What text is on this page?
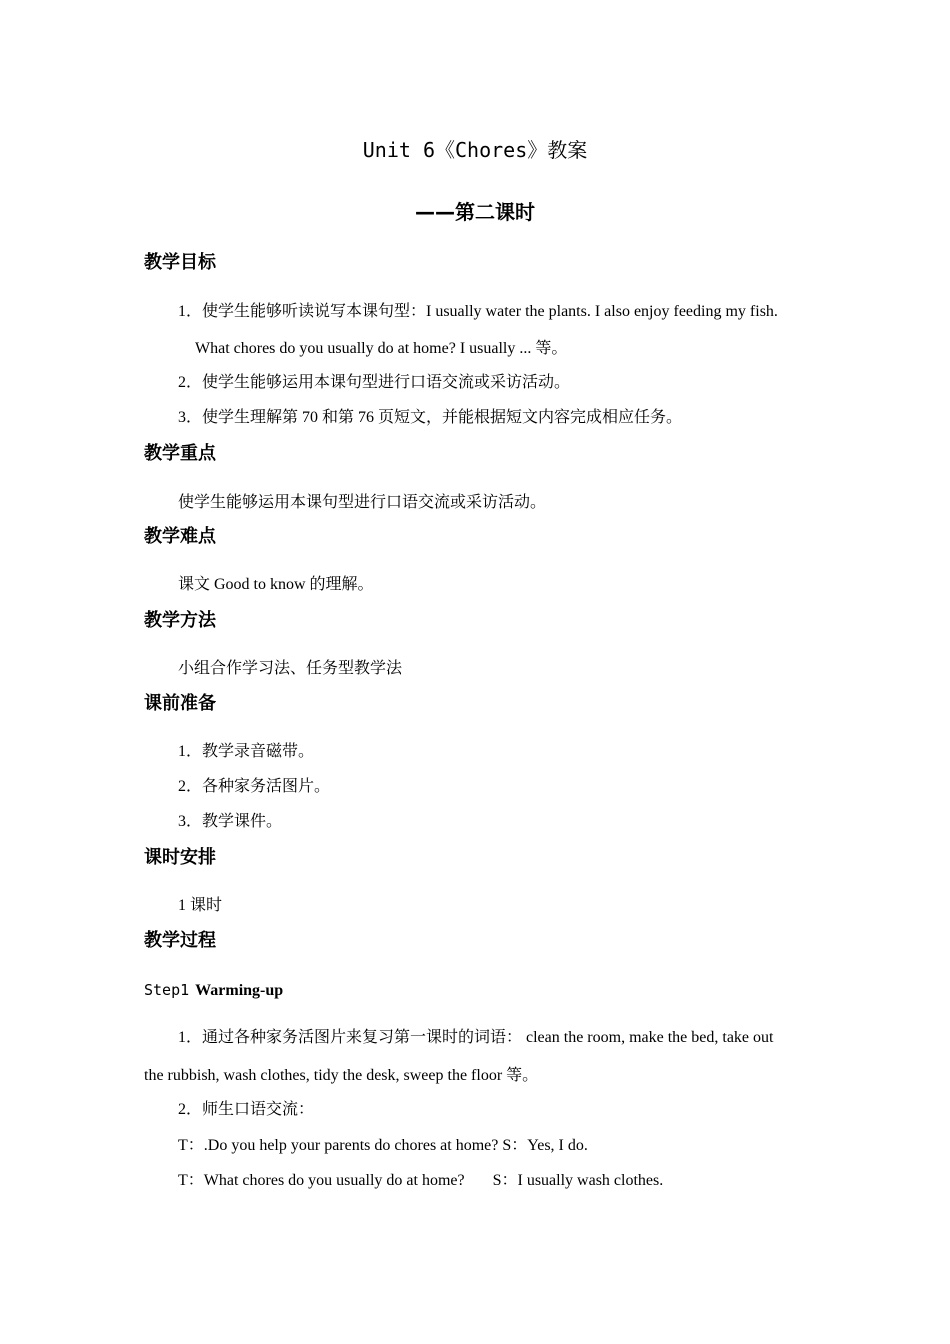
Unit 6《Chores》教案
——第二课时
教学目标
1．使学生能够听读说写本课句型：I usually water the plants. I also enjoy feeding my fish.
What chores do you usually do at home? I usually ... 等。
2．使学生能够运用本课句型进行口语交流或采访活动。
3．使学生理解第 70 和第 76 页短文，并能根据短文内容完成相应任务。
教学重点
使学生能够运用本课句型进行口语交流或采访活动。
教学难点
课文 Good to know 的理解。
教学方法
小组合作学习法、任务型教学法
课前准备
1．教学录音磁带。
2．各种家务活图片。
3．教学课件。
课时安排
1 课时
教学过程
Step1 Warming-up
1．通过各种家务活图片来复习第一课时的词语： clean the room, make the bed, take out
the rubbish, wash clothes, tidy the desk, sweep the floor 等。
2．师生口语交流：
T：.Do you help your parents do chores at home? S：Yes, I do.
T：What chores do you usually do at home?       S：I usually wash clothes.
